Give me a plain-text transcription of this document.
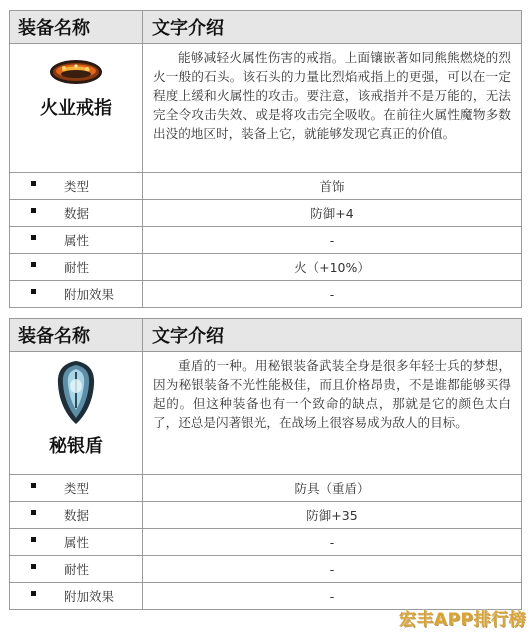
装备名称	文字介绍

火业戒指	能够减轻火属性伤害的戒指。上面镶嵌著如同熊熊燃烧的烈火一般的石头。该石头的力量比烈焰戒指上的更强，可以在一定程度上缓和火属性的攻击。要注意，该戒指并不是万能的，无法完全令攻击失效、或是将攻击完全吸收。在前往火属性魔物多数出没的地区时，装备上它，就能够发现它真正的价值。

类型	首饰

数据	防御+4

属性	-

耐性	火（+10%）

附加效果	-
装备名称	文字介绍

秘银盾	重盾的一种。用秘银装备武装全身是很多年轻士兵的梦想，因为秘银装备不光性能极佳，而且价格昂贵，不是谁都能够买得起的。但这种装备也有一个致命的缺点，那就是它的颜色太白了，还总是闪著银光，在战场上很容易成为敌人的目标。

类型	防具（重盾）

数据	防御+35

属性	-

耐性	-

附加效果	-
宏丰APP排行榜
